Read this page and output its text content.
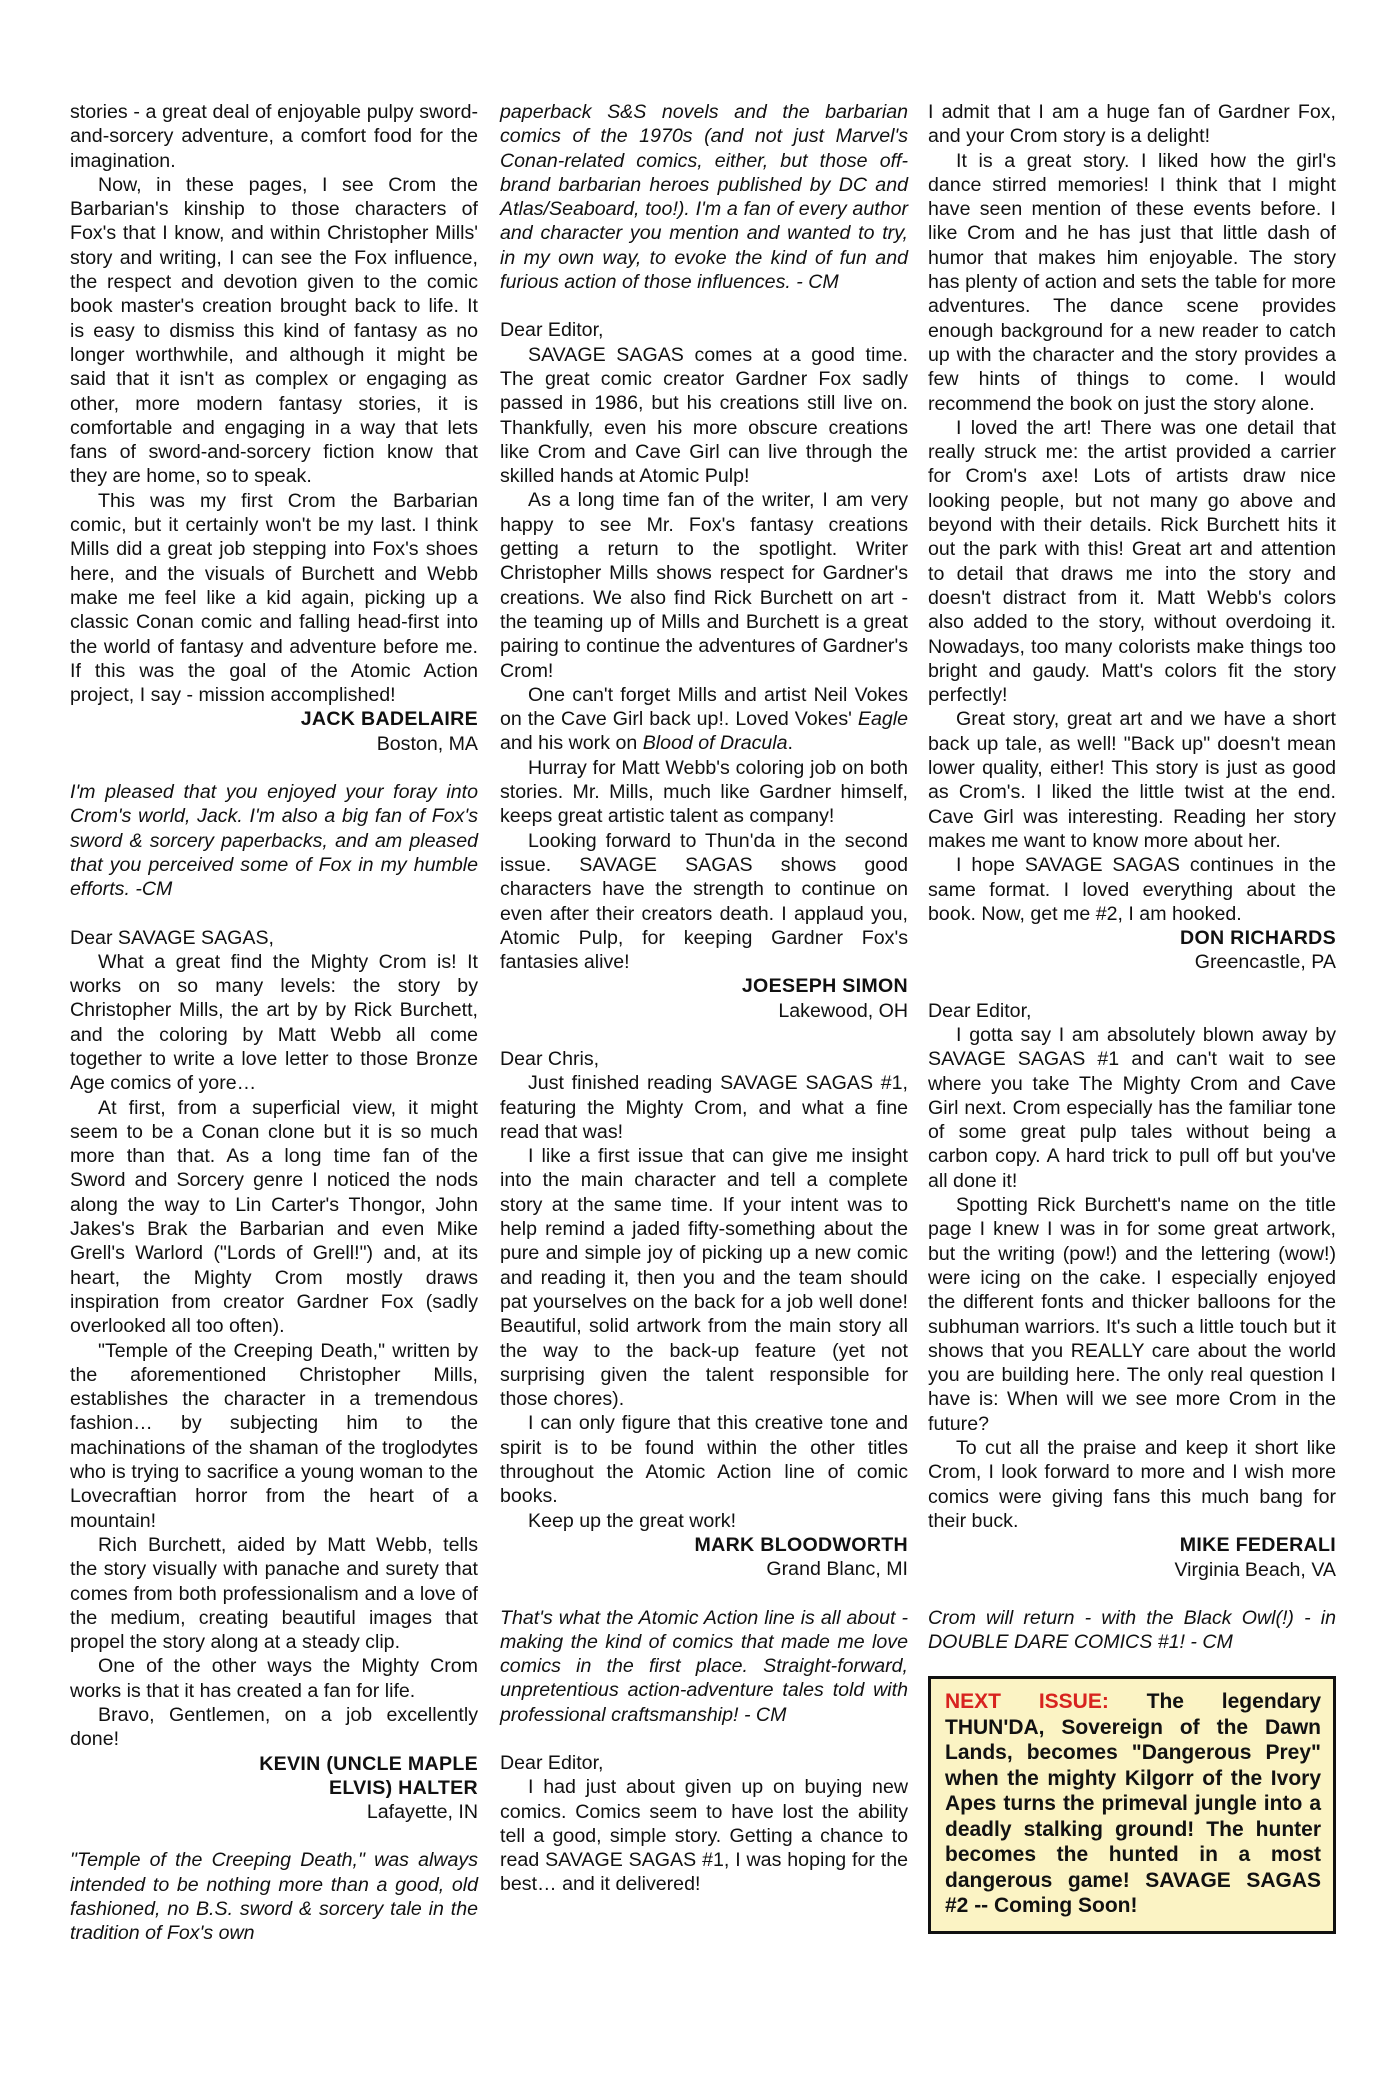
stories - a great deal of enjoyable pulpy sword-and-sorcery adventure, a comfort food for the imagination.

Now, in these pages, I see Crom the Barbarian's kinship to those characters of Fox's that I know, and within Christopher Mills' story and writing, I can see the Fox influence, the respect and devotion given to the comic book master's creation brought back to life. It is easy to dismiss this kind of fantasy as no longer worthwhile, and although it might be said that it isn't as complex or engaging as other, more modern fantasy stories, it is comfortable and engaging in a way that lets fans of sword-and-sorcery fiction know that they are home, so to speak.

This was my first Crom the Barbarian comic, but it certainly won't be my last. I think Mills did a great job stepping into Fox's shoes here, and the visuals of Burchett and Webb make me feel like a kid again, picking up a classic Conan comic and falling head-first into the world of fantasy and adventure before me. If this was the goal of the Atomic Action project, I say - mission accomplished!

JACK BADELAIRE
Boston, MA

I'm pleased that you enjoyed your foray into Crom's world, Jack. I'm also a big fan of Fox's sword & sorcery paperbacks, and am pleased that you perceived some of Fox in my humble efforts. -CM

Dear SAVAGE SAGAS,

What a great find the Mighty Crom is! It works on so many levels: the story by Christopher Mills, the art by by Rick Burchett, and the coloring by Matt Webb all come together to write a love letter to those Bronze Age comics of yore…

At first, from a superficial view, it might seem to be a Conan clone but it is so much more than that. As a long time fan of the Sword and Sorcery genre I noticed the nods along the way to Lin Carter's Thongor, John Jakes's Brak the Barbarian and even Mike Grell's Warlord ("Lords of Grell!") and, at its heart, the Mighty Crom mostly draws inspiration from creator Gardner Fox (sadly overlooked all too often).

"Temple of the Creeping Death," written by the aforementioned Christopher Mills, establishes the character in a tremendous fashion… by subjecting him to the machinations of the shaman of the troglodytes who is trying to sacrifice a young woman to the Lovecraftian horror from the heart of a mountain!

Rich Burchett, aided by Matt Webb, tells the story visually with panache and surety that comes from both professionalism and a love of the medium, creating beautiful images that propel the story along at a steady clip.

One of the other ways the Mighty Crom works is that it has created a fan for life.

Bravo, Gentlemen, on a job excellently done!

KEVIN (UNCLE MAPLE
ELVIS) HALTER
Lafayette, IN

"Temple of the Creeping Death," was always intended to be nothing more than a good, old fashioned, no B.S. sword & sorcery tale in the tradition of Fox's own

paperback S&S novels and the barbarian comics of the 1970s (and not just Marvel's Conan-related comics, either, but those off-brand barbarian heroes published by DC and Atlas/Seaboard, too!). I'm a fan of every author and character you mention and wanted to try, in my own way, to evoke the kind of fun and furious action of those influences. - CM

Dear Editor,

SAVAGE SAGAS comes at a good time. The great comic creator Gardner Fox sadly passed in 1986, but his creations still live on. Thankfully, even his more obscure creations like Crom and Cave Girl can live through the skilled hands at Atomic Pulp!

As a long time fan of the writer, I am very happy to see Mr. Fox's fantasy creations getting a return to the spotlight. Writer Christopher Mills shows respect for Gardner's creations. We also find Rick Burchett on art - the teaming up of Mills and Burchett is a great pairing to continue the adventures of Gardner's Crom!

One can't forget Mills and artist Neil Vokes on the Cave Girl back up!. Loved Vokes' Eagle and his work on Blood of Dracula.

Hurray for Matt Webb's coloring job on both stories. Mr. Mills, much like Gardner himself, keeps great artistic talent as company!

Looking forward to Thun'da in the second issue. SAVAGE SAGAS shows good characters have the strength to continue on even after their creators death. I applaud you, Atomic Pulp, for keeping Gardner Fox's fantasies alive!

JOESEPH SIMON
Lakewood, OH

Dear Chris,

Just finished reading SAVAGE SAGAS #1, featuring the Mighty Crom, and what a fine read that was!

I like a first issue that can give me insight into the main character and tell a complete story at the same time. If your intent was to help remind a jaded fifty-something about the pure and simple joy of picking up a new comic and reading it, then you and the team should pat yourselves on the back for a job well done! Beautiful, solid artwork from the main story all the way to the back-up feature (yet not surprising given the talent responsible for those chores).

I can only figure that this creative tone and spirit is to be found within the other titles throughout the Atomic Action line of comic books.

Keep up the great work!

MARK BLOODWORTH
Grand Blanc, MI

That's what the Atomic Action line is all about - making the kind of comics that made me love comics in the first place. Straight-forward, unpretentious action-adventure tales told with professional craftsmanship! - CM

Dear Editor,

I had just about given up on buying new comics. Comics seem to have lost the ability tell a good, simple story. Getting a chance to read SAVAGE SAGAS #1, I was hoping for the best… and it delivered!

I admit that I am a huge fan of Gardner Fox, and your Crom story is a delight!

It is a great story. I liked how the girl's dance stirred memories! I think that I might have seen mention of these events before. I like Crom and he has just that little dash of humor that makes him enjoyable. The story has plenty of action and sets the table for more adventures. The dance scene provides enough background for a new reader to catch up with the character and the story provides a few hints of things to come. I would recommend the book on just the story alone.

I loved the art! There was one detail that really struck me: the artist provided a carrier for Crom's axe! Lots of artists draw nice looking people, but not many go above and beyond with their details. Rick Burchett hits it out the park with this! Great art and attention to detail that draws me into the story and doesn't distract from it. Matt Webb's colors also added to the story, without overdoing it. Nowadays, too many colorists make things too bright and gaudy. Matt's colors fit the story perfectly!

Great story, great art and we have a short back up tale, as well! "Back up" doesn't mean lower quality, either! This story is just as good as Crom's. I liked the little twist at the end. Cave Girl was interesting. Reading her story makes me want to know more about her.

I hope SAVAGE SAGAS continues in the same format. I loved everything about the book. Now, get me #2, I am hooked.

DON RICHARDS
Greencastle, PA

Dear Editor,

I gotta say I am absolutely blown away by SAVAGE SAGAS #1 and can't wait to see where you take The Mighty Crom and Cave Girl next. Crom especially has the familiar tone of some great pulp tales without being a carbon copy. A hard trick to pull off but you've all done it!

Spotting Rick Burchett's name on the title page I knew I was in for some great artwork, but the writing (pow!) and the lettering (wow!) were icing on the cake. I especially enjoyed the different fonts and thicker balloons for the subhuman warriors. It's such a little touch but it shows that you REALLY care about the world you are building here. The only real question I have is: When will we see more Crom in the future?

To cut all the praise and keep it short like Crom, I look forward to more and I wish more comics were giving fans this much bang for their buck.

MIKE FEDERALI
Virginia Beach, VA

Crom will return - with the Black Owl(!) - in DOUBLE DARE COMICS #1! - CM

NEXT ISSUE: The legendary THUN'DA, Sovereign of the Dawn Lands, becomes "Dangerous Prey" when the mighty Kilgorr of the Ivory Apes turns the primeval jungle into a deadly stalking ground! The hunter becomes the hunted in a most dangerous game! SAVAGE SAGAS #2 -- Coming Soon!
